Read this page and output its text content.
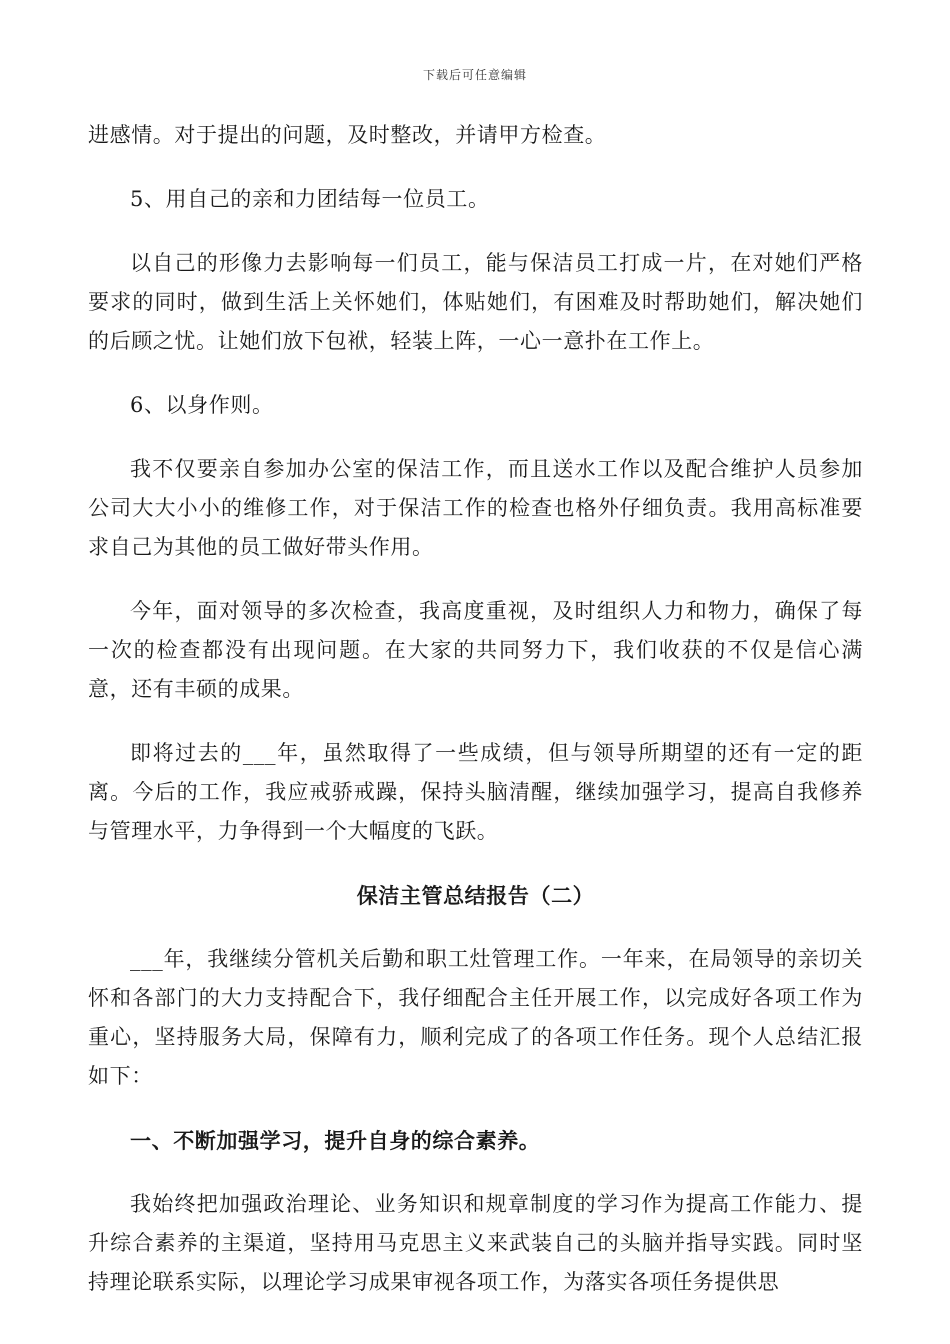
下载后可任意编辑

进感情。对于提出的问题，及时整改，并请甲方检查。

5、用自己的亲和力团结每一位员工。

以自己的形像力去影响每一们员工，能与保洁员工打成一片，在对她们严格要求的同时，做到生活上关怀她们，体贴她们，有困难及时帮助她们，解决她们的后顾之忧。让她们放下包袱，轻装上阵，一心一意扑在工作上。

6、以身作则。

我不仅要亲自参加办公室的保洁工作，而且送水工作以及配合维护人员参加公司大大小小的维修工作，对于保洁工作的检查也格外仔细负责。我用高标准要求自己为其他的员工做好带头作用。

今年，面对领导的多次检查，我高度重视，及时组织人力和物力，确保了每一次的检查都没有出现问题。在大家的共同努力下，我们收获的不仅是信心满意，还有丰硕的成果。

即将过去的___年，虽然取得了一些成绩，但与领导所期望的还有一定的距离。今后的工作，我应戒骄戒躁，保持头脑清醒，继续加强学习，提高自我修养与管理水平，力争得到一个大幅度的飞跃。

保洁主管总结报告（二）

___年，我继续分管机关后勤和职工灶管理工作。一年来，在局领导的亲切关怀和各部门的大力支持配合下，我仔细配合主任开展工作，以完成好各项工作为重心，坚持服务大局，保障有力，顺利完成了的各项工作任务。现个人总结汇报如下：

一、不断加强学习，提升自身的综合素养。

我始终把加强政治理论、业务知识和规章制度的学习作为提高工作能力、提升综合素养的主渠道，坚持用马克思主义来武装自己的头脑并指导实践。同时坚持理论联系实际，以理论学习成果审视各项工作，为落实各项任务提供思
